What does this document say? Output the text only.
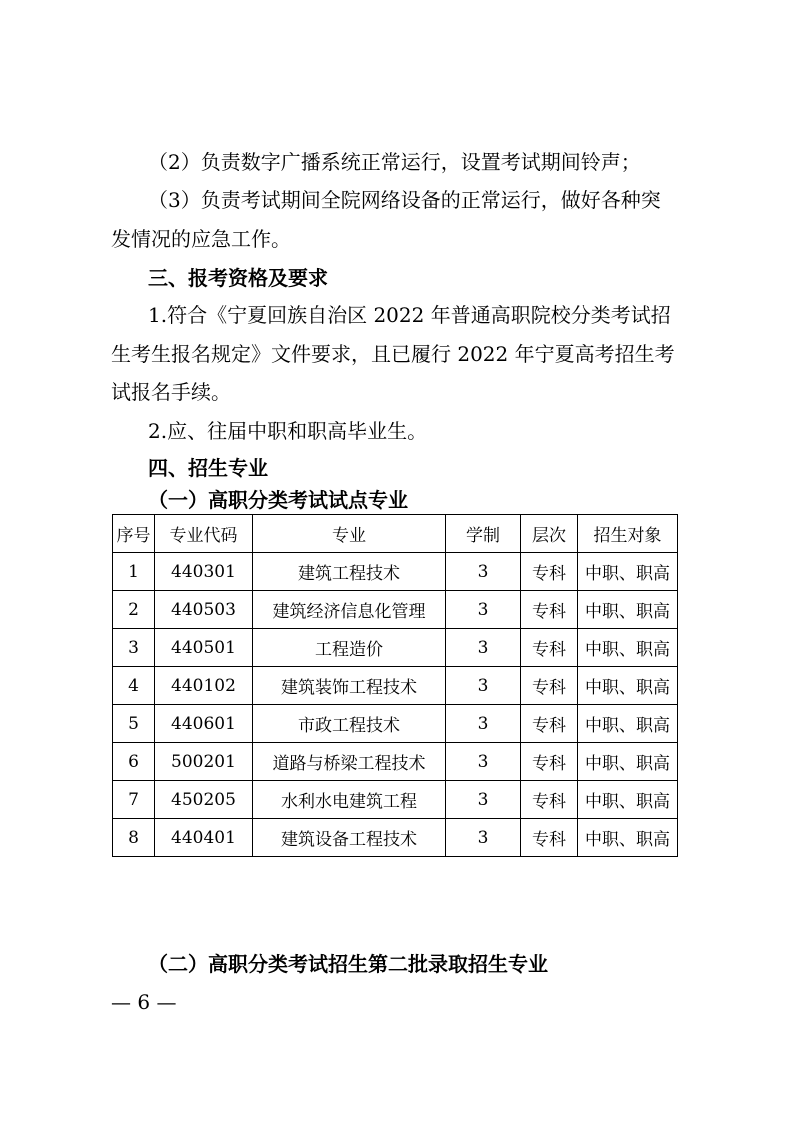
（2）负责数字广播系统正常运行，设置考试期间铃声；
（3）负责考试期间全院网络设备的正常运行，做好各种突
发情况的应急工作。
三、报考资格及要求
1.符合《宁夏回族自治区 2022 年普通高职院校分类考试招
生考生报名规定》文件要求，且已履行 2022 年宁夏高考招生考
试报名手续。
2.应、往届中职和职高毕业生。
四、招生专业
（一）高职分类考试试点专业
序号	专业代码	专业	学制	层次	招生对象
1	440301	建筑工程技术	3	专科	中职、职高
2	440503	建筑经济信息化管理	3	专科	中职、职高
3	440501	工程造价	3	专科	中职、职高
4	440102	建筑装饰工程技术	3	专科	中职、职高
5	440601	市政工程技术	3	专科	中职、职高
6	500201	道路与桥梁工程技术	3	专科	中职、职高
7	450205	水利水电建筑工程	3	专科	中职、职高
8	440401	建筑设备工程技术	3	专科	中职、职高
（二）高职分类考试招生第二批录取招生专业
— 6 —
